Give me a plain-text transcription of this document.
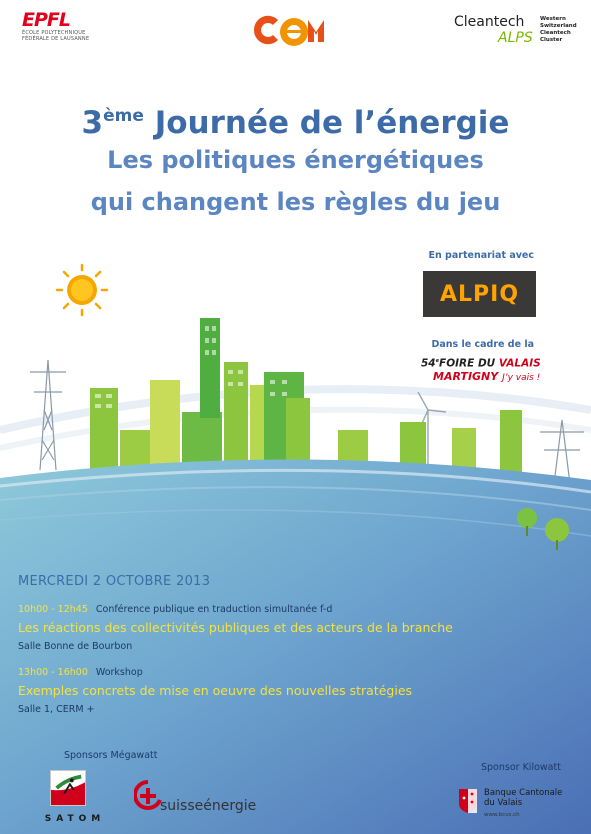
EPFL
ÉCOLE POLYTECHNIQUE
FÉDÉRALE DE LAUSANNE
CEM
Cleantech
ALPS
Western
Switzerland
Cleantech
Cluster
3ème Journée de l’énergie
Les politiques énergétiques
qui changent les règles du jeu
En partenariat avec
ALPIQ
Dans le cadre de la
54eFOIRE DU VALAIS
MARTIGNY J’y vais !
MERCREDI 2 OCTOBRE 2013
10h00 - 12h45 Conférence publique en traduction simultanée f-d
Les réactions des collectivités publiques et des acteurs de la branche
Salle Bonne de Bourbon
13h00 - 16h00 Workshop
Exemples concrets de mise en oeuvre des nouvelles stratégies
Salle 1, CERM +
Sponsors Mégawatt
Sponsor Kilowatt
SATOM
suisseénergie
Banque Cantonale
du Valais
www.bcvs.ch
